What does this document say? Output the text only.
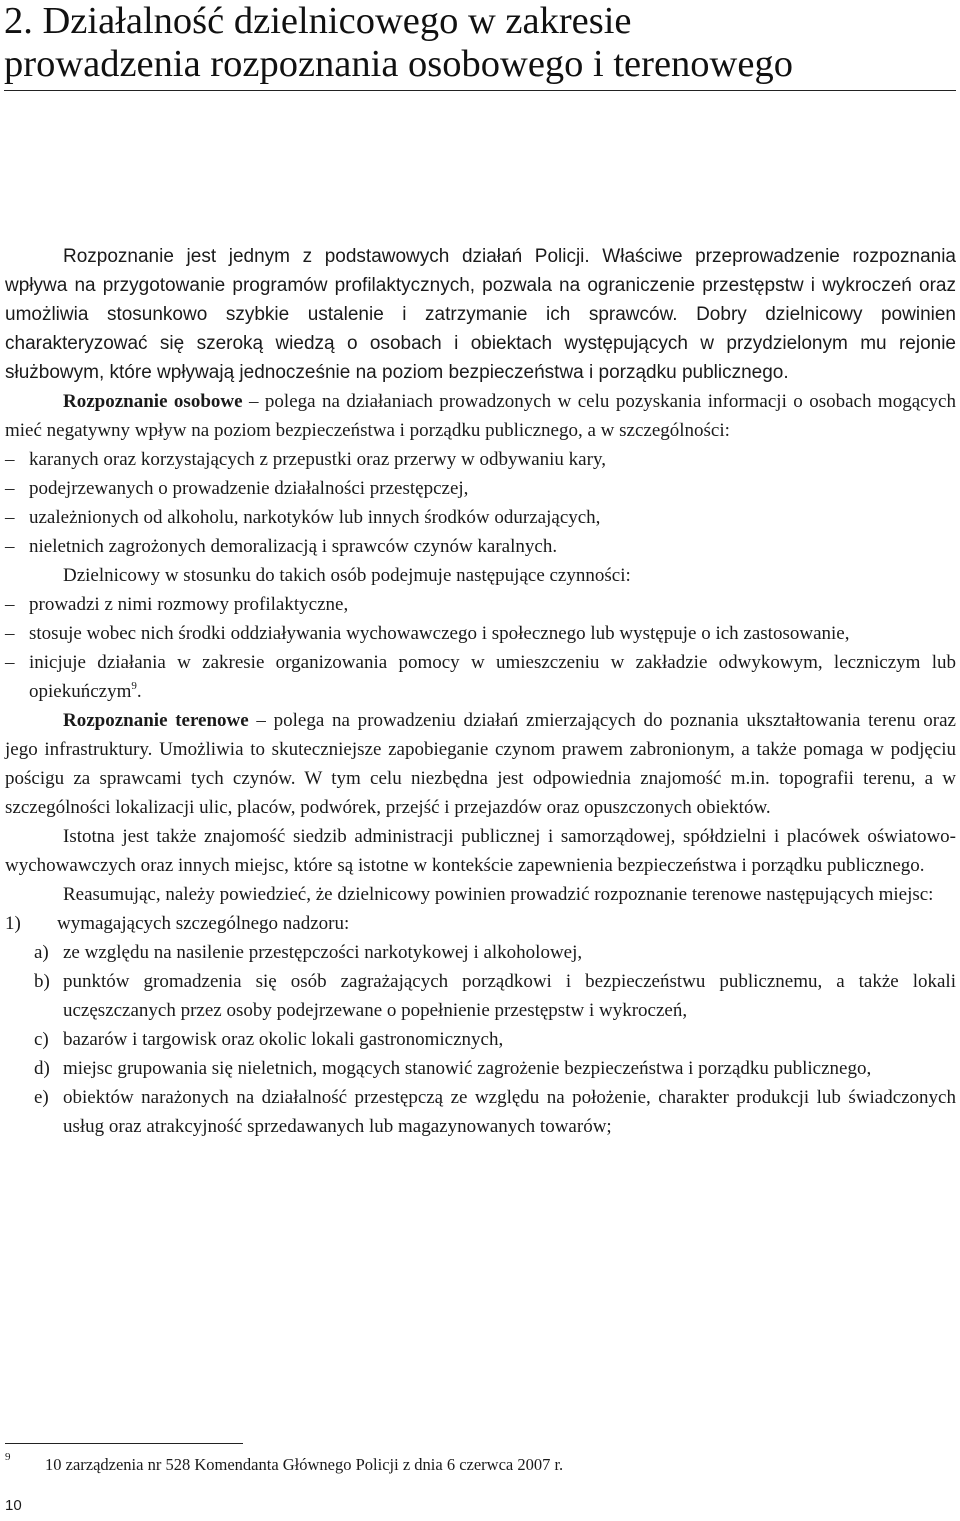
2. Działalność dzielnicowego w zakresie
prowadzenia rozpoznania osobowego i terenowego

Rozpoznanie jest jednym z podstawowych działań Policji. Właściwe przeprowadzenie rozpoznania wpływa na przygotowanie programów profilaktycznych, pozwala na ograniczenie przestępstw i wykroczeń oraz umożliwia stosunkowo szybkie ustalenie i zatrzymanie ich sprawców. Dobry dzielnicowy powinien charakteryzować się szeroką wiedzą o osobach i obiektach występujących w przydzielonym mu rejonie służbowym, które wpływają jednocześnie na poziom bezpieczeństwa i porządku publicznego.

Rozpoznanie osobowe – polega na działaniach prowadzonych w celu pozyskania informacji o osobach mogących mieć negatywny wpływ na poziom bezpieczeństwa i porządku publicznego, a w szczególności:

– karanych oraz korzystających z przepustki oraz przerwy w odbywaniu kary,
– podejrzewanych o prowadzenie działalności przestępczej,
– uzależnionych od alkoholu, narkotyków lub innych środków odurzających,
– nieletnich zagrożonych demoralizacją i sprawców czynów karalnych.

Dzielnicowy w stosunku do takich osób podejmuje następujące czynności:

– prowadzi z nimi rozmowy profilaktyczne,
– stosuje wobec nich środki oddziaływania wychowawczego i społecznego lub występuje o ich zastosowanie,
– inicjuje działania w zakresie organizowania pomocy w umieszczeniu w zakładzie odwykowym, leczniczym lub opiekuńczym$^9$.

Rozpoznanie terenowe – polega na prowadzeniu działań zmierzających do poznania ukształtowania terenu oraz jego infrastruktury. Umożliwia to skuteczniejsze zapobieganie czynom prawem zabronionym, a także pomaga w podjęciu pościgu za sprawcami tych czynów. W tym celu niezbędna jest odpowiednia znajomość m.in. topografii terenu, a w szczególności lokalizacji ulic, placów, podwórek, przejść i przejazdów oraz opuszczonych obiektów.

Istotna jest także znajomość siedzib administracji publicznej i samorządowej, spółdzielni i placówek oświatowo-wychowawczych oraz innych miejsc, które są istotne w kontekście zapewnienia bezpieczeństwa i porządku publicznego.

Reasumując, należy powiedzieć, że dzielnicowy powinien prowadzić rozpoznanie terenowe następujących miejsc:

1) wymagających szczególnego nadzoru:
a) ze względu na nasilenie przestępczości narkotykowej i alkoholowej,
b) punktów gromadzenia się osób zagrażających porządkowi i bezpieczeństwu publicznemu, a także lokali uczęszczanych przez osoby podejrzewane o popełnienie przestępstw i wykroczeń,
c) bazarów i targowisk oraz okolic lokali gastronomicznych,
d) miejsc grupowania się nieletnich, mogących stanowić zagrożenie bezpieczeństwa i porządku publicznego,
e) obiektów narażonych na działalność przestępczą ze względu na położenie, charakter produkcji lub świadczonych usług oraz atrakcyjność sprzedawanych lub magazynowanych towarów;
9 10 zarządzenia nr 528 Komendanta Głównego Policji z dnia 6 czerwca 2007 r.
10
